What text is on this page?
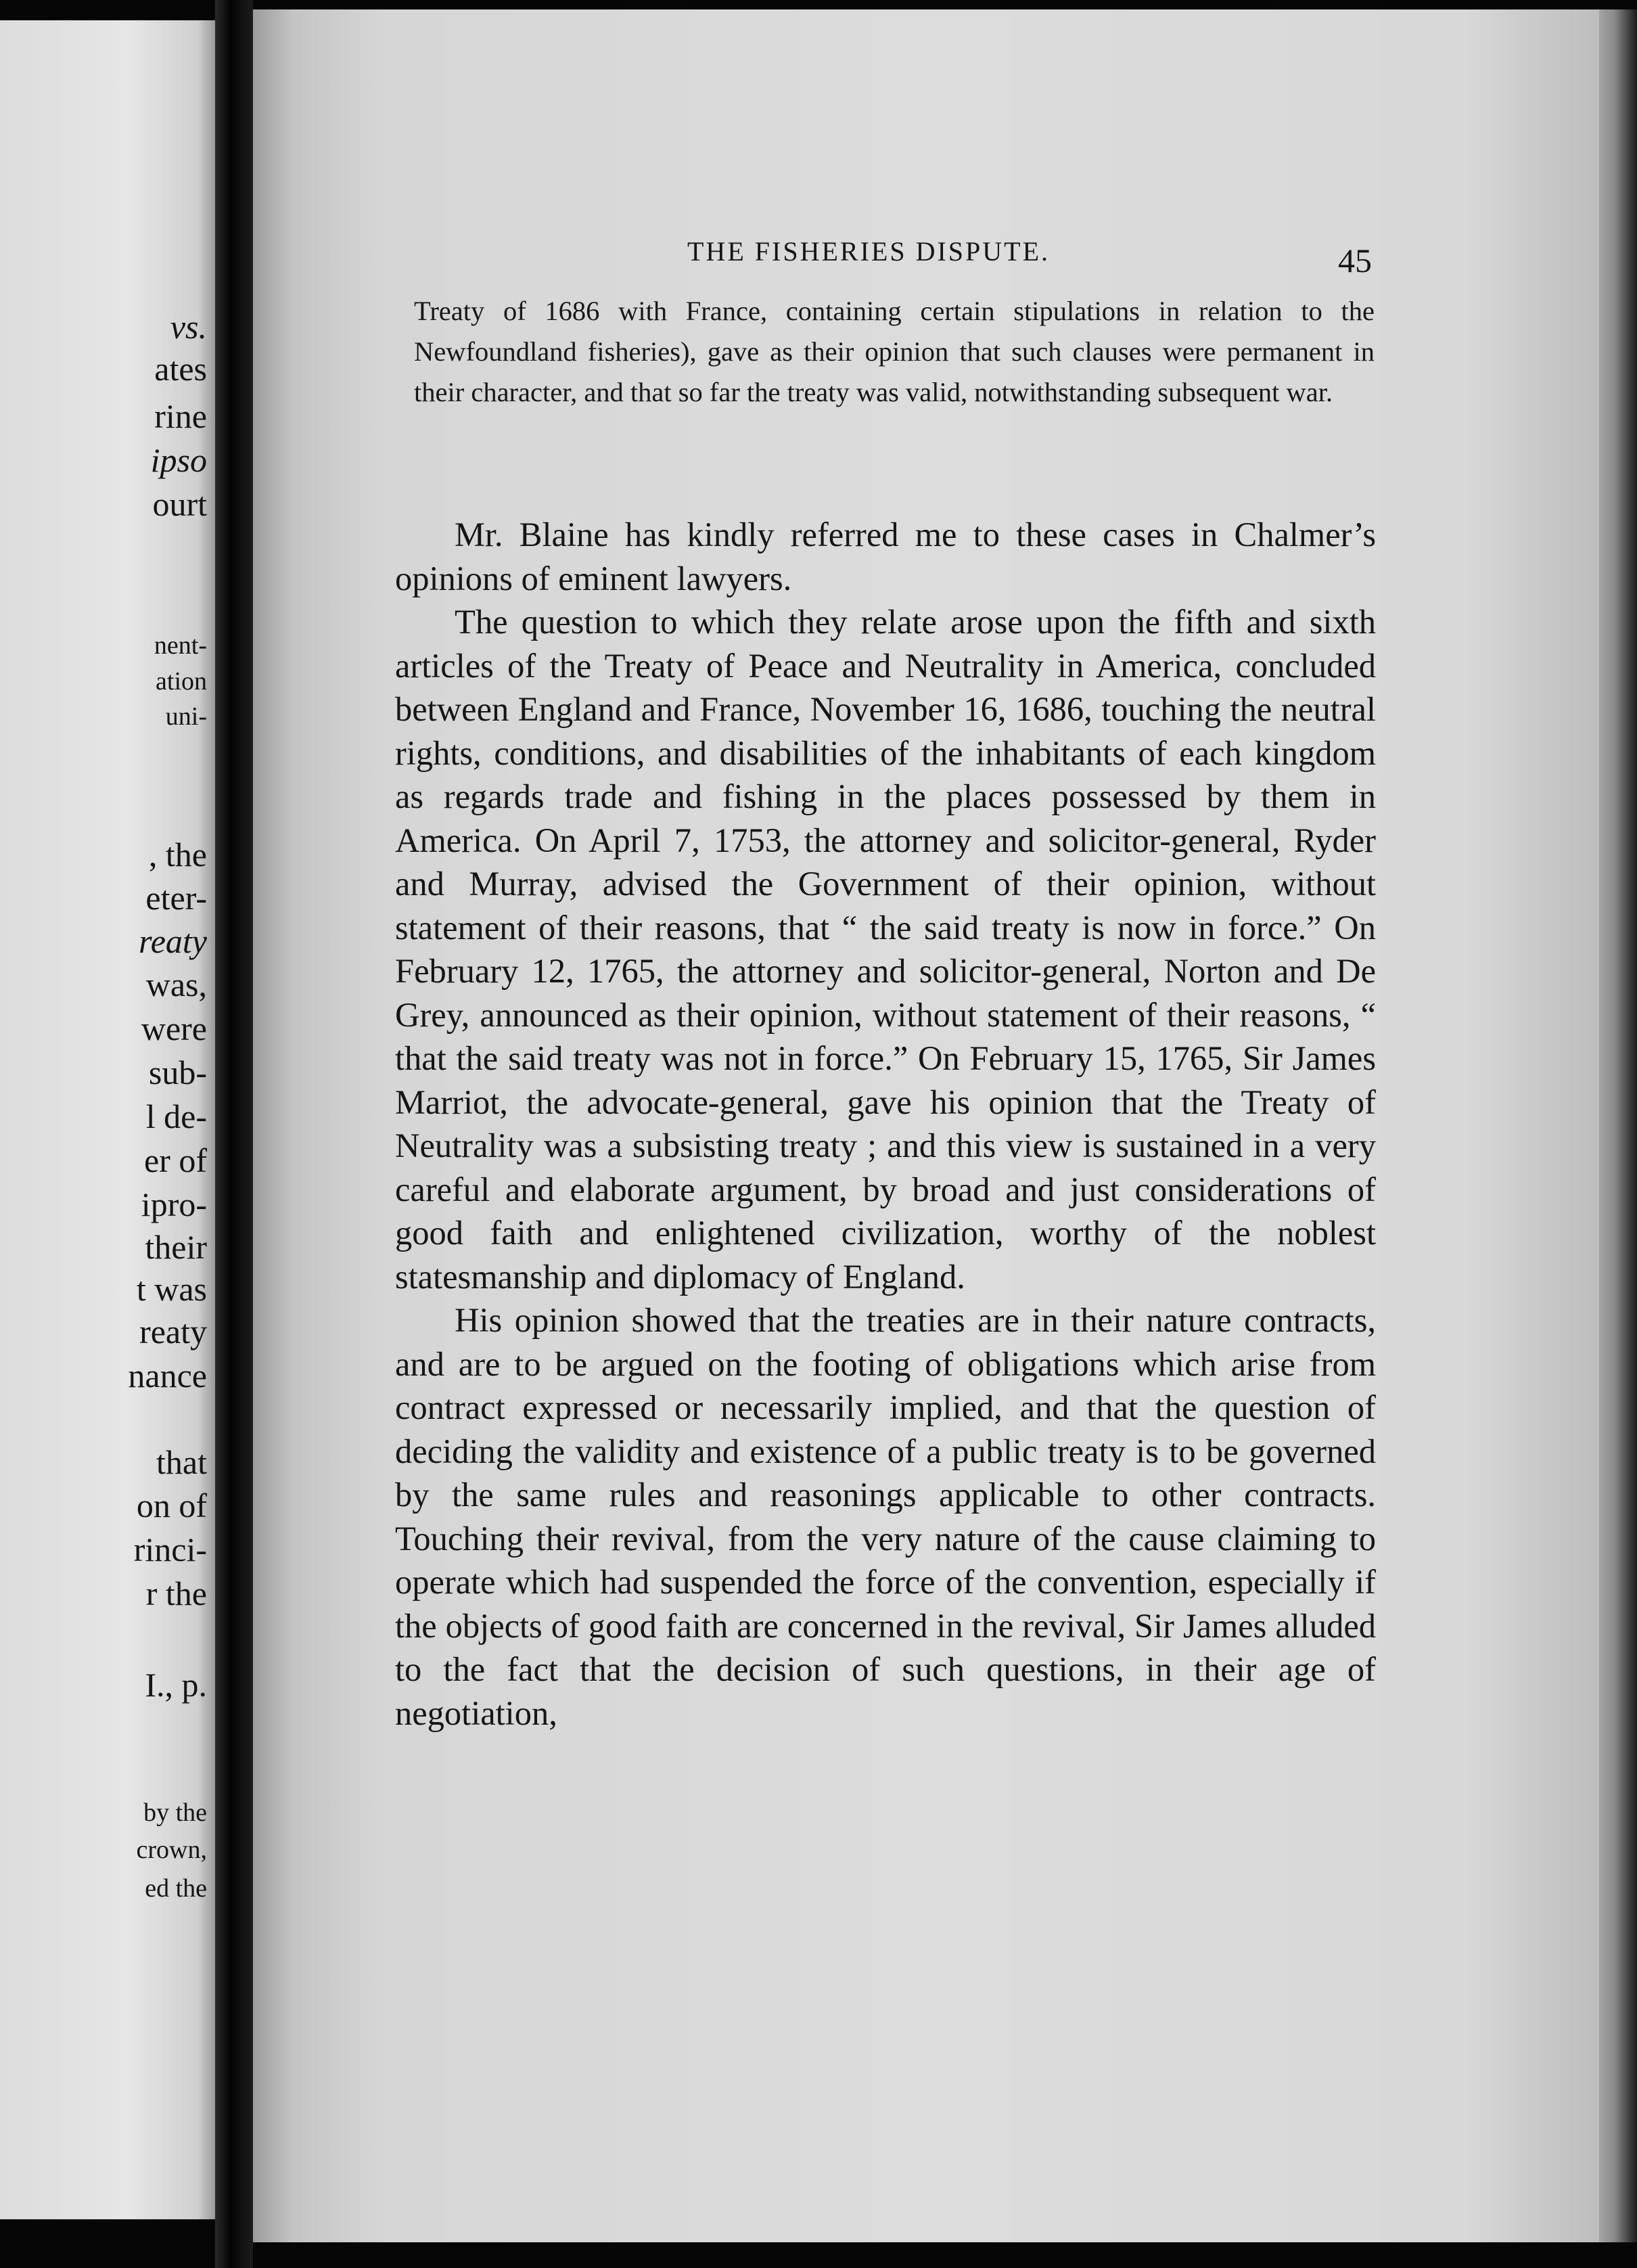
vs.

ates

rine

ipso

ourt

nent-

ation

uni-

, the

eter-

reaty

was,

were

sub-

l de-

er of

ipro-

their

t was

reaty

nance

that

on of

rinci-

r the

I., p.

by the

crown,

ed the

THE FISHERIES DISPUTE.	45

Treaty of 1686 with France, containing certain stipulations in relation to the Newfoundland fisheries), gave as their opinion that such clauses were permanent in their character, and that so far the treaty was valid, notwithstanding subsequent war.

Mr. Blaine has kindly referred me to these cases in Chalmer’s opinions of eminent lawyers.

The question to which they relate arose upon the fifth and sixth articles of the Treaty of Peace and Neutrality in America, concluded between England and France, November 16, 1686, touching the neutral rights, conditions, and disabilities of the inhabitants of each kingdom as regards trade and fishing in the places possessed by them in America. On April 7, 1753, the attorney and solicitor-general, Ryder and Murray, advised the Government of their opinion, without statement of their reasons, that “ the said treaty is now in force.” On February 12, 1765, the attorney and solicitor-general, Norton and De Grey, announced as their opinion, without statement of their reasons, “ that the said treaty was not in force.” On February 15, 1765, Sir James Marriot, the advocate-general, gave his opinion that the Treaty of Neutrality was a subsisting treaty ; and this view is sustained in a very careful and elaborate argument, by broad and just considerations of good faith and enlightened civilization, worthy of the noblest statesmanship and diplomacy of England.

His opinion showed that the treaties are in their nature contracts, and are to be argued on the footing of obligations which arise from contract expressed or necessarily implied, and that the question of deciding the validity and existence of a public treaty is to be governed by the same rules and reasonings applicable to other contracts. Touching their revival, from the very nature of the cause claiming to operate which had suspended the force of the convention, especially if the objects of good faith are concerned in the revival, Sir James alluded to the fact that the decision of such questions, in their age of negotiation,
